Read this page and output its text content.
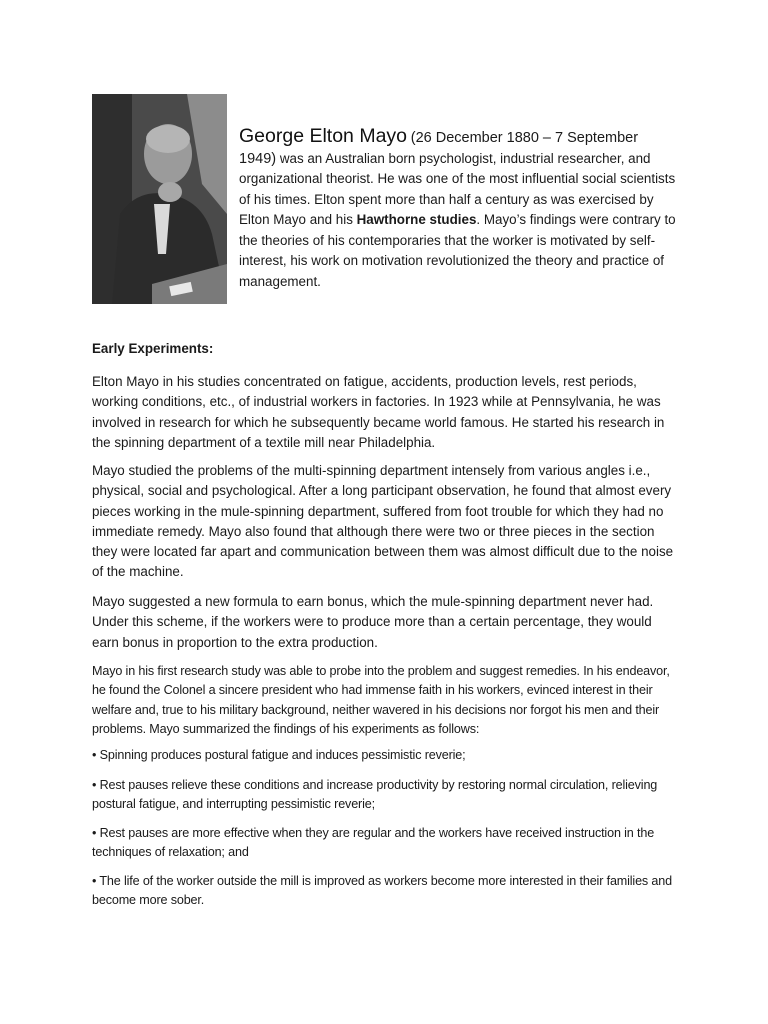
George Elton Mayo (26 December 1880 – 7 September 1949) was an Australian born psychologist, industrial researcher, and organizational theorist. He was one of the most influential social scientists of his times. Elton spent more than half a century as was exercised by Elton Mayo and his Hawthorne studies. Mayo’s findings were contrary to the theories of his contemporaries that the worker is motivated by self-interest, his work on motivation revolutionized the theory and practice of management.
Early Experiments:
Elton Mayo in his studies concentrated on fatigue, accidents, production levels, rest periods, working conditions, etc., of industrial workers in factories. In 1923 while at Pennsylvania, he was involved in research for which he subsequently became world famous. He started his research in the spinning department of a textile mill near Philadelphia.
Mayo studied the problems of the multi-spinning department intensely from various angles i.e., physical, social and psychological. After a long participant observation, he found that almost every pieces working in the mule-spinning department, suffered from foot trouble for which they had no immediate remedy. Mayo also found that although there were two or three pieces in the section they were located far apart and communication between them was almost difficult due to the noise of the machine.
Mayo suggested a new formula to earn bonus, which the mule-spinning department never had. Under this scheme, if the workers were to produce more than a certain percentage, they would earn bonus in proportion to the extra production.
Mayo in his first research study was able to probe into the problem and suggest remedies. In his endeavor, he found the Colonel a sincere president who had immense faith in his workers, evinced interest in their welfare and, true to his military background, neither wavered in his decisions nor forgot his men and their problems. Mayo summarized the findings of his experiments as follows:
• Spinning produces postural fatigue and induces pessimistic reverie;
• Rest pauses relieve these conditions and increase productivity by restoring normal circulation, relieving postural fatigue, and interrupting pessimistic reverie;
• Rest pauses are more effective when they are regular and the workers have received instruction in the techniques of relaxation; and
• The life of the worker outside the mill is improved as workers become more interested in their families and become more sober.
